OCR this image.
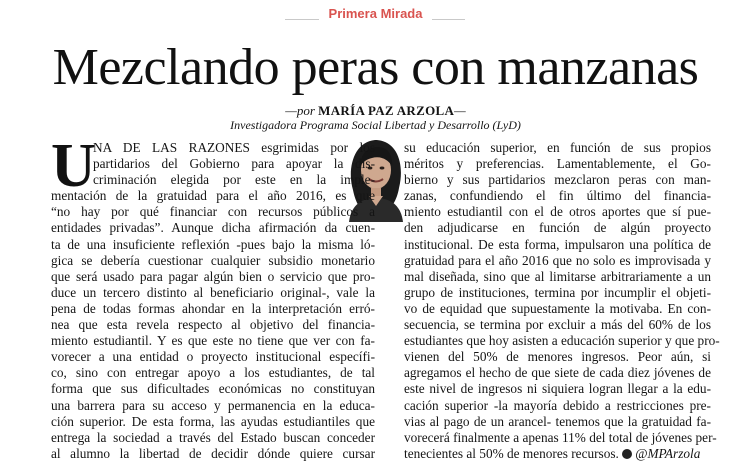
Primera Mirada
Mezclando peras con manzanas
—por MARÍA PAZ ARZOLA—
Investigadora Programa Social Libertad y Desarrollo (LyD)
U
NA DE LAS RAZONES esgrimidas por los
partidarios del Gobierno para apoyar la dis-
criminación elegida por este en la imple-
mentación de la gratuidad para el año 2016, es que
“no hay por qué financiar con recursos públicos a
entidades privadas”. Aunque dicha afirmación da cuen-
ta de una insuficiente reflexión -pues bajo la misma ló-
gica se debería cuestionar cualquier subsidio monetario
que será usado para pagar algún bien o servicio que pro-
duce un tercero distinto al beneficiario original-, vale la
pena de todas formas ahondar en la interpretación erró-
nea que esta revela respecto al objetivo del financia-
miento estudiantil. Y es que este no tiene que ver con fa-
vorecer a una entidad o proyecto institucional específi-
co, sino con entregar apoyo a los estudiantes, de tal
forma que sus dificultades económicas no constituyan
una barrera para su acceso y permanencia en la educa-
ción superior. De esta forma, las ayudas estudiantiles que
entrega la sociedad a través del Estado buscan conceder
al alumno la libertad de decidir dónde quiere cursar
su educación superior, en función de sus propios
méritos y preferencias. Lamentablemente, el Go-
bierno y sus partidarios mezclaron peras con man-
zanas, confundiendo el fin último del financia-
miento estudiantil con el de otros aportes que sí pue-
den adjudicarse en función de algún proyecto
institucional. De esta forma, impulsaron una política de
gratuidad para el año 2016 que no solo es improvisada y
mal diseñada, sino que al limitarse arbitrariamente a un
grupo de instituciones, termina por incumplir el objeti-
vo de equidad que supuestamente la motivaba. En con-
secuencia, se termina por excluir a más del 60% de los
estudiantes que hoy asisten a educación superior y que pro-
vienen del 50% de menores ingresos. Peor aún, si
agregamos el hecho de que siete de cada diez jóvenes de
este nivel de ingresos ni siquiera logran llegar a la edu-
cación superior -la mayoría debido a restricciones pre-
vias al pago de un arancel- tenemos que la gratuidad fa-
vorecerá finalmente a apenas 11% del total de jóvenes per-
tenecientes al 50% de menores recursos. @MPArzola
